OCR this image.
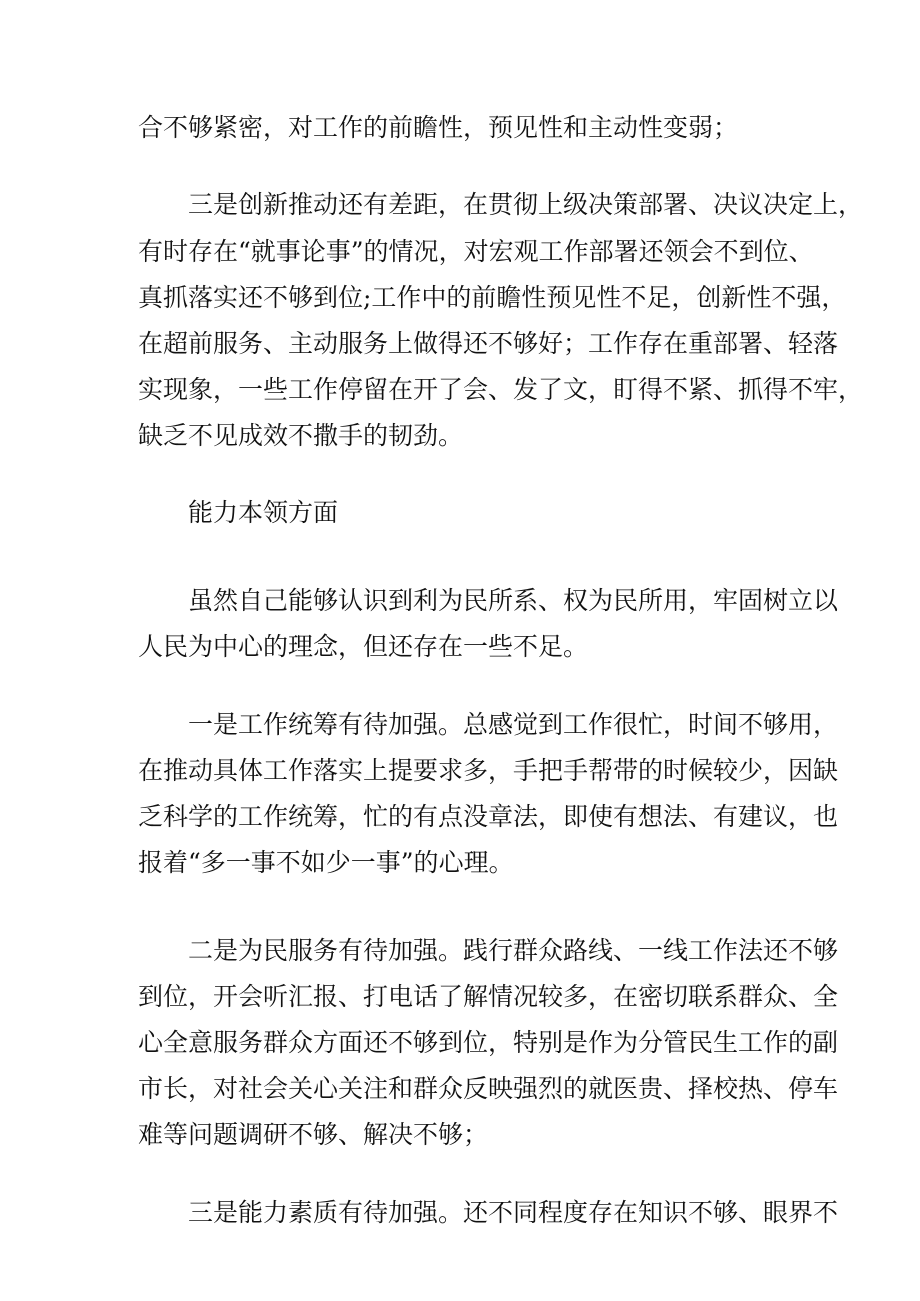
合不够紧密，对工作的前瞻性，预见性和主动性变弱；
三是创新推动还有差距，在贯彻上级决策部署、决议决定上，
有时存在“就事论事”的情况，对宏观工作部署还领会不到位、
真抓落实还不够到位;工作中的前瞻性预见性不足，创新性不强，
在超前服务、主动服务上做得还不够好；工作存在重部署、轻落
实现象，一些工作停留在开了会、发了文，盯得不紧、抓得不牢，
缺乏不见成效不撒手的韧劲。
能力本领方面
虽然自己能够认识到利为民所系、权为民所用，牢固树立以
人民为中心的理念，但还存在一些不足。
一是工作统筹有待加强。总感觉到工作很忙，时间不够用，
在推动具体工作落实上提要求多，手把手帮带的时候较少，因缺
乏科学的工作统筹，忙的有点没章法，即使有想法、有建议，也
报着“多一事不如少一事”的心理。
二是为民服务有待加强。践行群众路线、一线工作法还不够
到位，开会听汇报、打电话了解情况较多，在密切联系群众、全
心全意服务群众方面还不够到位，特别是作为分管民生工作的副
市长，对社会关心关注和群众反映强烈的就医贵、择校热、停车
难等问题调研不够、解决不够；
三是能力素质有待加强。还不同程度存在知识不够、眼界不
